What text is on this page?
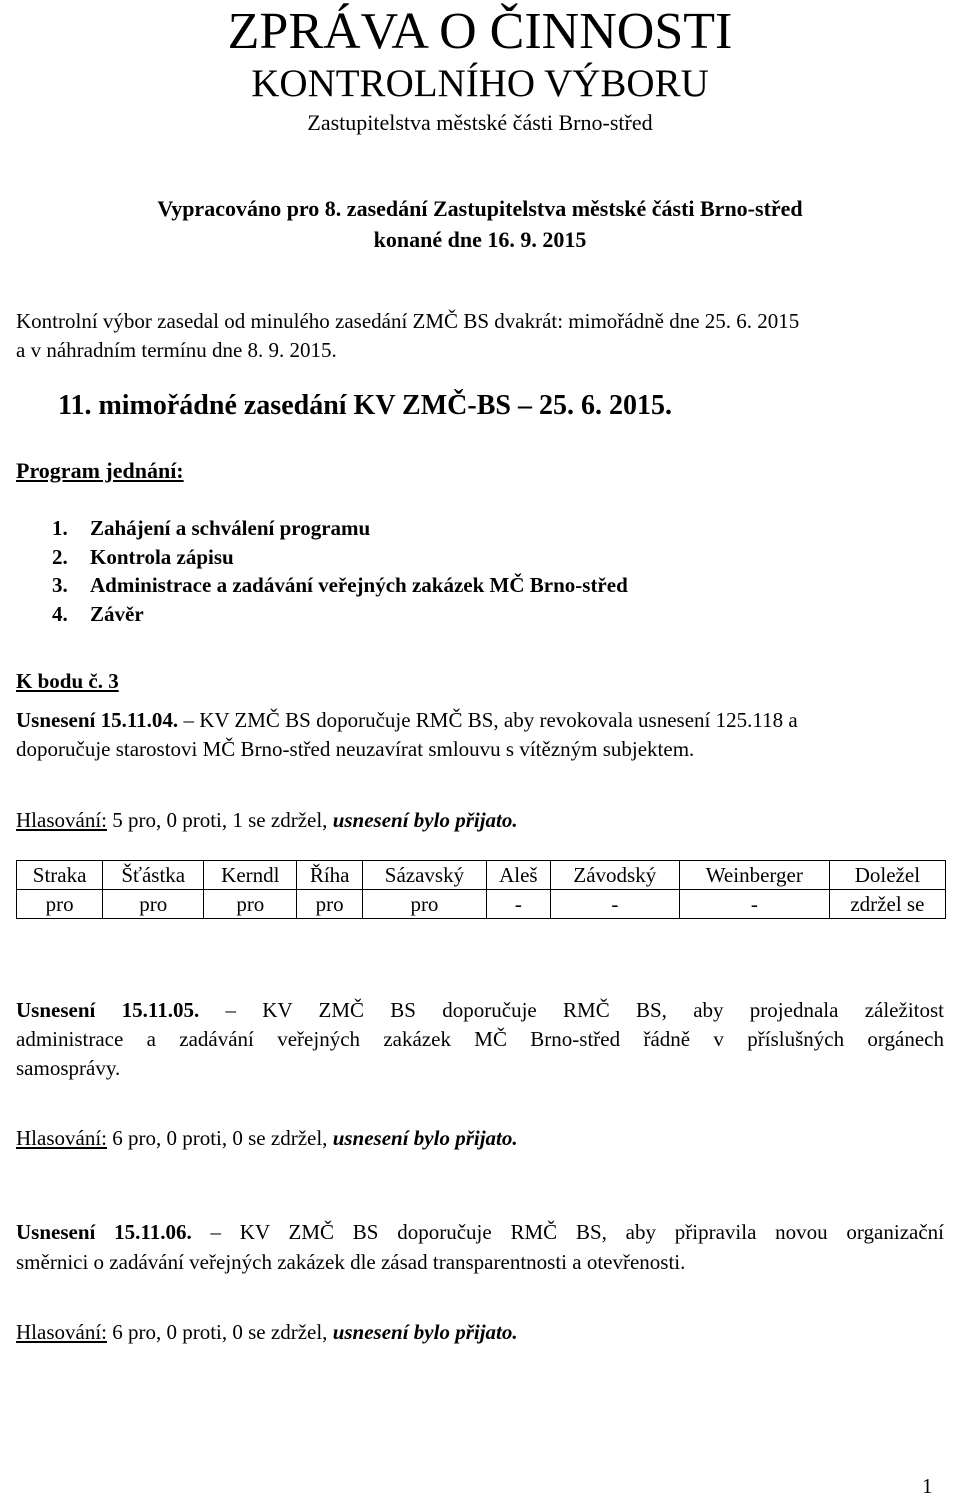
ZPRÁVA O ČINNOSTI
KONTROLNÍHO VÝBORU
Zastupitelstva městské části Brno-střed
Vypracováno pro 8. zasedání Zastupitelstva městské části Brno-střed
konané dne 16. 9. 2015
Kontrolní výbor zasedal od minulého zasedání ZMČ BS dvakrát: mimořádně dne 25. 6. 2015
a v náhradním termínu dne 8. 9. 2015.
11. mimořádné zasedání KV ZMČ-BS – 25. 6. 2015.
Program jednání:
1. Zahájení a schválení programu
2. Kontrola zápisu
3. Administrace a zadávání veřejných zakázek MČ Brno-střed
4. Závěr
K bodu č. 3
Usnesení 15.11.04. – KV ZMČ BS doporučuje RMČ BS, aby revokovala usnesení 125.118 a
doporučuje starostovi MČ Brno-střed neuzavírat smlouvu s vítězným subjektem.
Hlasování: 5 pro, 0 proti, 1 se zdržel, usnesení bylo přijato.
Straka	Šťástka	Kerndl	Říha	Sázavský	Aleš	Závodský	Weinberger	Doležel
pro	pro	pro	pro	pro	-	-	-	zdržel se
Usnesení 15.11.05. – KV ZMČ BS doporučuje RMČ BS, aby projednala záležitost
administrace a zadávání veřejných zakázek MČ Brno-střed řádně v příslušných orgánech
samosprávy.
Hlasování: 6 pro, 0 proti, 0 se zdržel, usnesení bylo přijato.
Usnesení 15.11.06. – KV ZMČ BS doporučuje RMČ BS, aby připravila novou organizační
směrnici o zadávání veřejných zakázek dle zásad transparentnosti a otevřenosti.
Hlasování: 6 pro, 0 proti, 0 se zdržel, usnesení bylo přijato.
1
